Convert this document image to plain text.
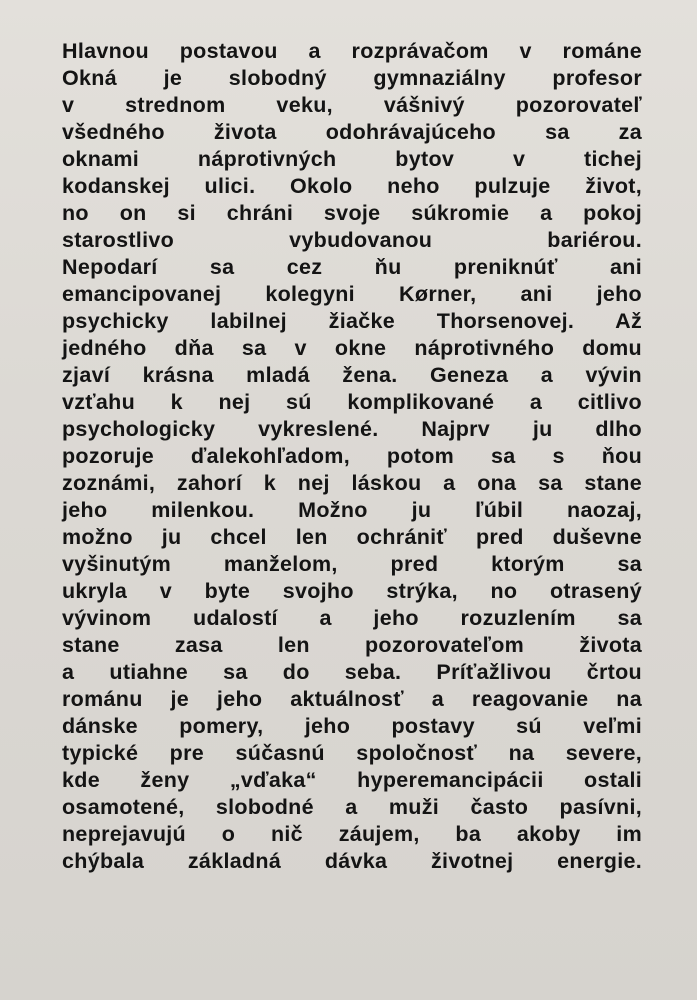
Hlavnou postavou a rozprávačom v románe
Okná je slobodný gymnaziálny profesor
v strednom veku, vášnivý pozorovateľ
všedného života odohrávajúceho sa za
oknami náprotivných bytov v tichej
kodanskej ulici. Okolo neho pulzuje život,
no on si chráni svoje súkromie a pokoj
starostlivo vybudovanou bariérou.
Nepodarí sa cez ňu preniknúť ani
emancipovanej kolegyni Kørner, ani jeho
psychicky labilnej žiačke Thorsenovej. Až
jedného dňa sa v okne náprotivného domu
zjaví krásna mladá žena. Geneza a vývin
vzťahu k nej sú komplikované a citlivo
psychologicky vykreslené. Najprv ju dlho
pozoruje ďalekohľadom, potom sa s ňou
zoznámi, zahorí k nej láskou a ona sa stane
jeho milenkou. Možno ju ľúbil naozaj,
možno ju chcel len ochrániť pred duševne
vyšinutým manželom, pred ktorým sa
ukryla v byte svojho strýka, no otrasený
vývinom udalostí a jeho rozuzlením sa
stane zasa len pozorovateľom života
a utiahne sa do seba. Príťažlivou črtou
románu je jeho aktuálnosť a reagovanie na
dánske pomery, jeho postavy sú veľmi
typické pre súčasnú spoločnosť na severe,
kde ženy „vďaka“ hyperemancipácii ostali
osamotené, slobodné a muži často pasívni,
neprejavujú o nič záujem, ba akoby im
chýbala základná dávka životnej energie.
